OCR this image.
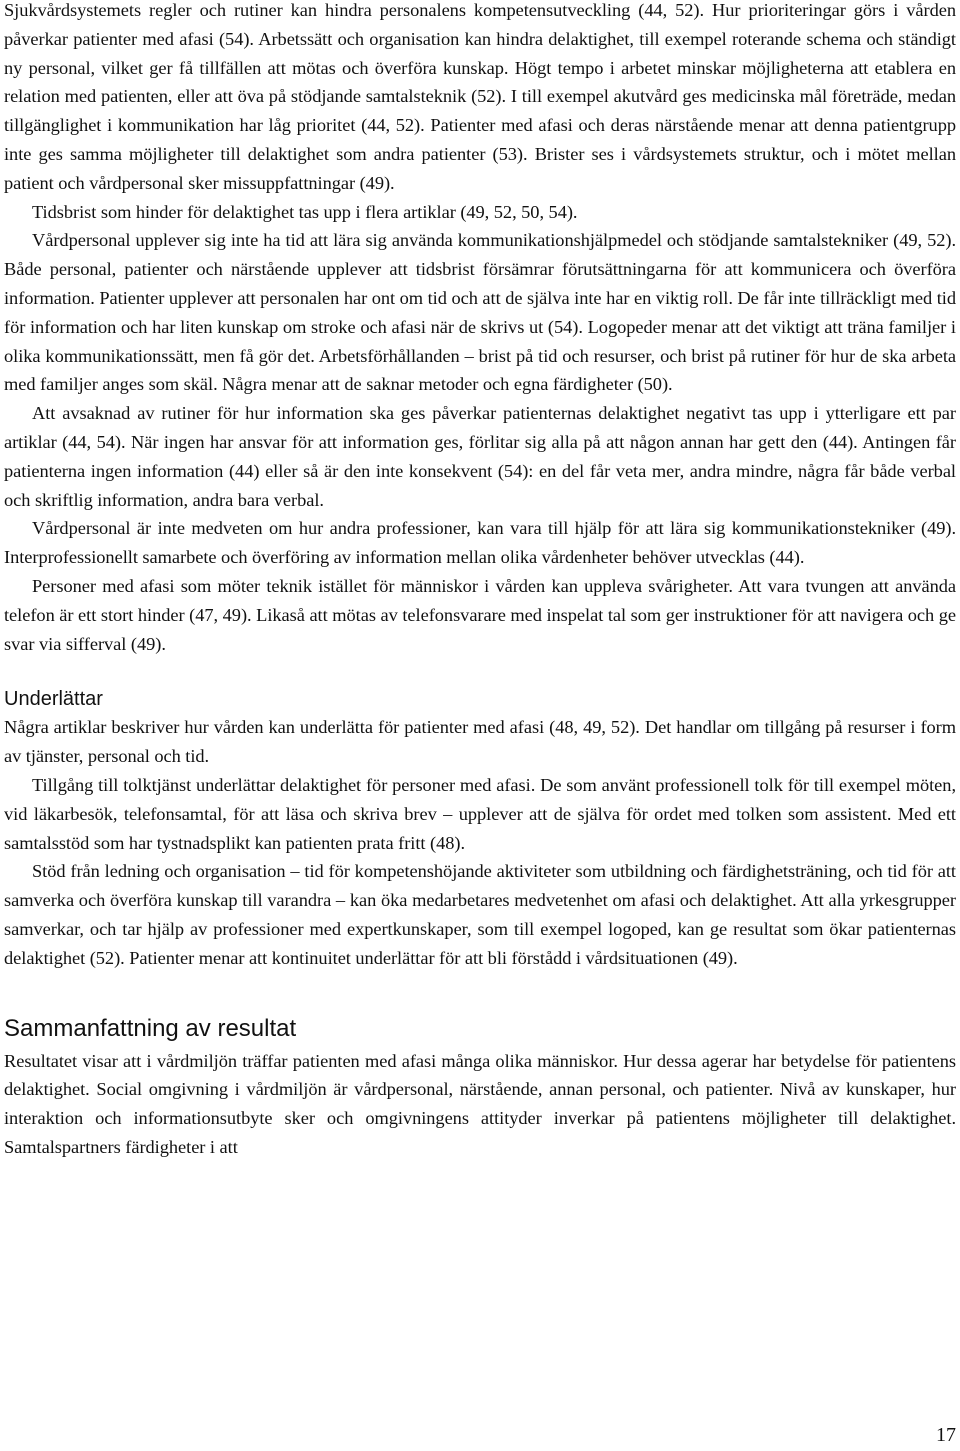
Sjukvårdsystemets regler och rutiner kan hindra personalens kompetensutveckling (44, 52). Hur prioriteringar görs i vården påverkar patienter med afasi (54). Arbetssätt och organisation kan hindra delaktighet, till exempel roterande schema och ständigt ny personal, vilket ger få tillfällen att mötas och överföra kunskap. Högt tempo i arbetet minskar möjligheterna att etablera en relation med patienten, eller att öva på stödjande samtalsteknik (52). I till exempel akutvård ges medicinska mål företräde, medan tillgänglighet i kommunikation har låg prioritet (44, 52). Patienter med afasi och deras närstående menar att denna patientgrupp inte ges samma möjligheter till delaktighet som andra patienter (53). Brister ses i vårdsystemets struktur, och i mötet mellan patient och vårdpersonal sker missuppfattningar (49).

Tidsbrist som hinder för delaktighet tas upp i flera artiklar (49, 52, 50, 54).

Vårdpersonal upplever sig inte ha tid att lära sig använda kommunikationshjälpmedel och stödjande samtalstekniker (49, 52). Både personal, patienter och närstående upplever att tidsbrist försämrar förutsättningarna för att kommunicera och överföra information. Patienter upplever att personalen har ont om tid och att de själva inte har en viktig roll. De får inte tillräckligt med tid för information och har liten kunskap om stroke och afasi när de skrivs ut (54). Logopeder menar att det viktigt att träna familjer i olika kommunikationssätt, men få gör det. Arbetsförhållanden – brist på tid och resurser, och brist på rutiner för hur de ska arbeta med familjer anges som skäl. Några menar att de saknar metoder och egna färdigheter (50).

Att avsaknad av rutiner för hur information ska ges påverkar patienternas delaktighet negativt tas upp i ytterligare ett par artiklar (44, 54). När ingen har ansvar för att information ges, förlitar sig alla på att någon annan har gett den (44). Antingen får patienterna ingen information (44) eller så är den inte konsekvent (54): en del får veta mer, andra mindre, några får både verbal och skriftlig information, andra bara verbal.

Vårdpersonal är inte medveten om hur andra professioner, kan vara till hjälp för att lära sig kommunikationstekniker (49). Interprofessionellt samarbete och överföring av information mellan olika vårdenheter behöver utvecklas (44).

Personer med afasi som möter teknik istället för människor i vården kan uppleva svårigheter. Att vara tvungen att använda telefon är ett stort hinder (47, 49). Likaså att mötas av telefonsvarare med inspelat tal som ger instruktioner för att navigera och ge svar via sifferval (49).

Underlättar

Några artiklar beskriver hur vården kan underlätta för patienter med afasi (48, 49, 52). Det handlar om tillgång på resurser i form av tjänster, personal och tid.

Tillgång till tolktjänst underlättar delaktighet för personer med afasi. De som använt professionell tolk för till exempel möten, vid läkarbesök, telefonsamtal, för att läsa och skriva brev – upplever att de själva för ordet med tolken som assistent. Med ett samtalsstöd som har tystnadsplikt kan patienten prata fritt (48).

Stöd från ledning och organisation – tid för kompetenshöjande aktiviteter som utbildning och färdighetsträning, och tid för att samverka och överföra kunskap till varandra – kan öka medarbetares medvetenhet om afasi och delaktighet. Att alla yrkesgrupper samverkar, och tar hjälp av professioner med expertkunskaper, som till exempel logoped, kan ge resultat som ökar patienternas delaktighet (52). Patienter menar att kontinuitet underlättar för att bli förstådd i vårdsituationen (49).

Sammanfattning av resultat

Resultatet visar att i vårdmiljön träffar patienten med afasi många olika människor. Hur dessa agerar har betydelse för patientens delaktighet. Social omgivning i vårdmiljön är vårdpersonal, närstående, annan personal, och patienter. Nivå av kunskaper, hur interaktion och informationsutbyte sker och omgivningens attityder inverkar på patientens möjligheter till delaktighet. Samtalspartners färdigheter i att

17
